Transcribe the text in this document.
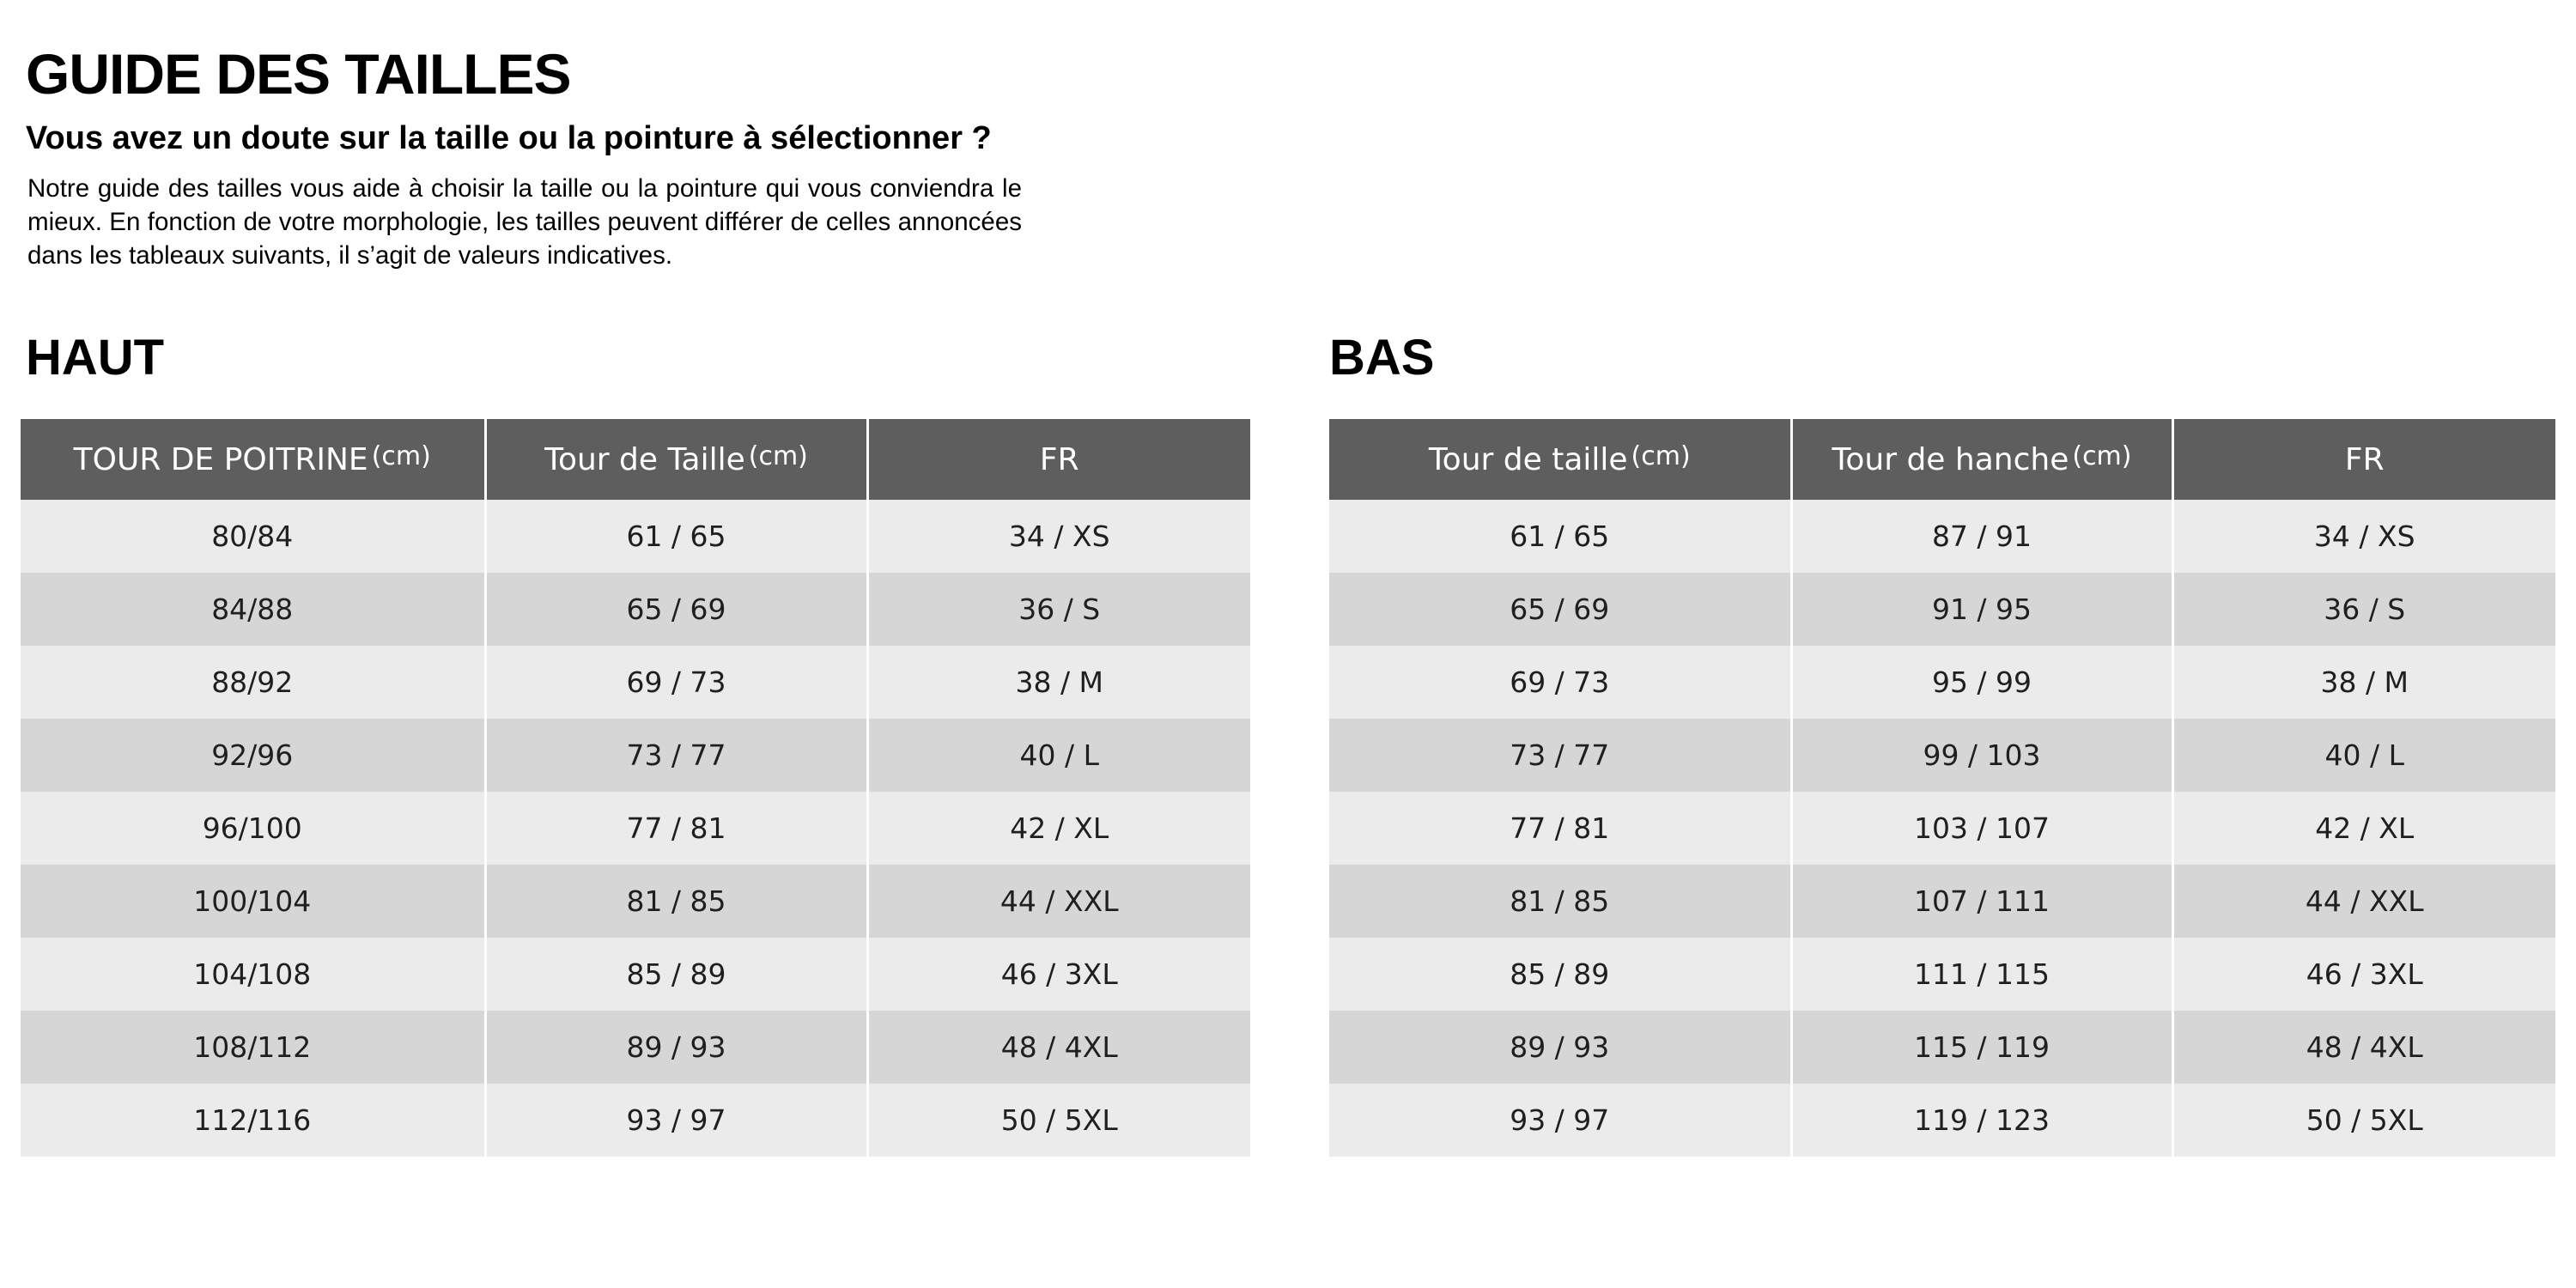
GUIDE DES TAILLES
Vous avez un doute sur la taille ou la pointure à sélectionner ?

Notre guide des tailles vous aide à choisir la taille ou la pointure qui vous conviendra le mieux. En fonction de votre morphologie, les tailles peuvent différer de celles annoncées dans les tableaux suivants, il s’agit de valeurs indicatives.

HAUT	BAS
TOUR DE POITRINE (cm)	Tour de Taille (cm)	FR
80/84	61 / 65	34 / XS
84/88	65 / 69	36 / S
88/92	69 / 73	38 / M
92/96	73 / 77	40 / L
96/100	77 / 81	42 / XL
100/104	81 / 85	44 / XXL
104/108	85 / 89	46 / 3XL
108/112	89 / 93	48 / 4XL
112/116	93 / 97	50 / 5XL
Tour de taille (cm)	Tour de hanche (cm)	FR
61 / 65	87 / 91	34 / XS
65 / 69	91 / 95	36 / S
69 / 73	95 / 99	38 / M
73 / 77	99 / 103	40 / L
77 / 81	103 / 107	42 / XL
81 / 85	107 / 111	44 / XXL
85 / 89	111 / 115	46 / 3XL
89 / 93	115 / 119	48 / 4XL
93 / 97	119 / 123	50 / 5XL
